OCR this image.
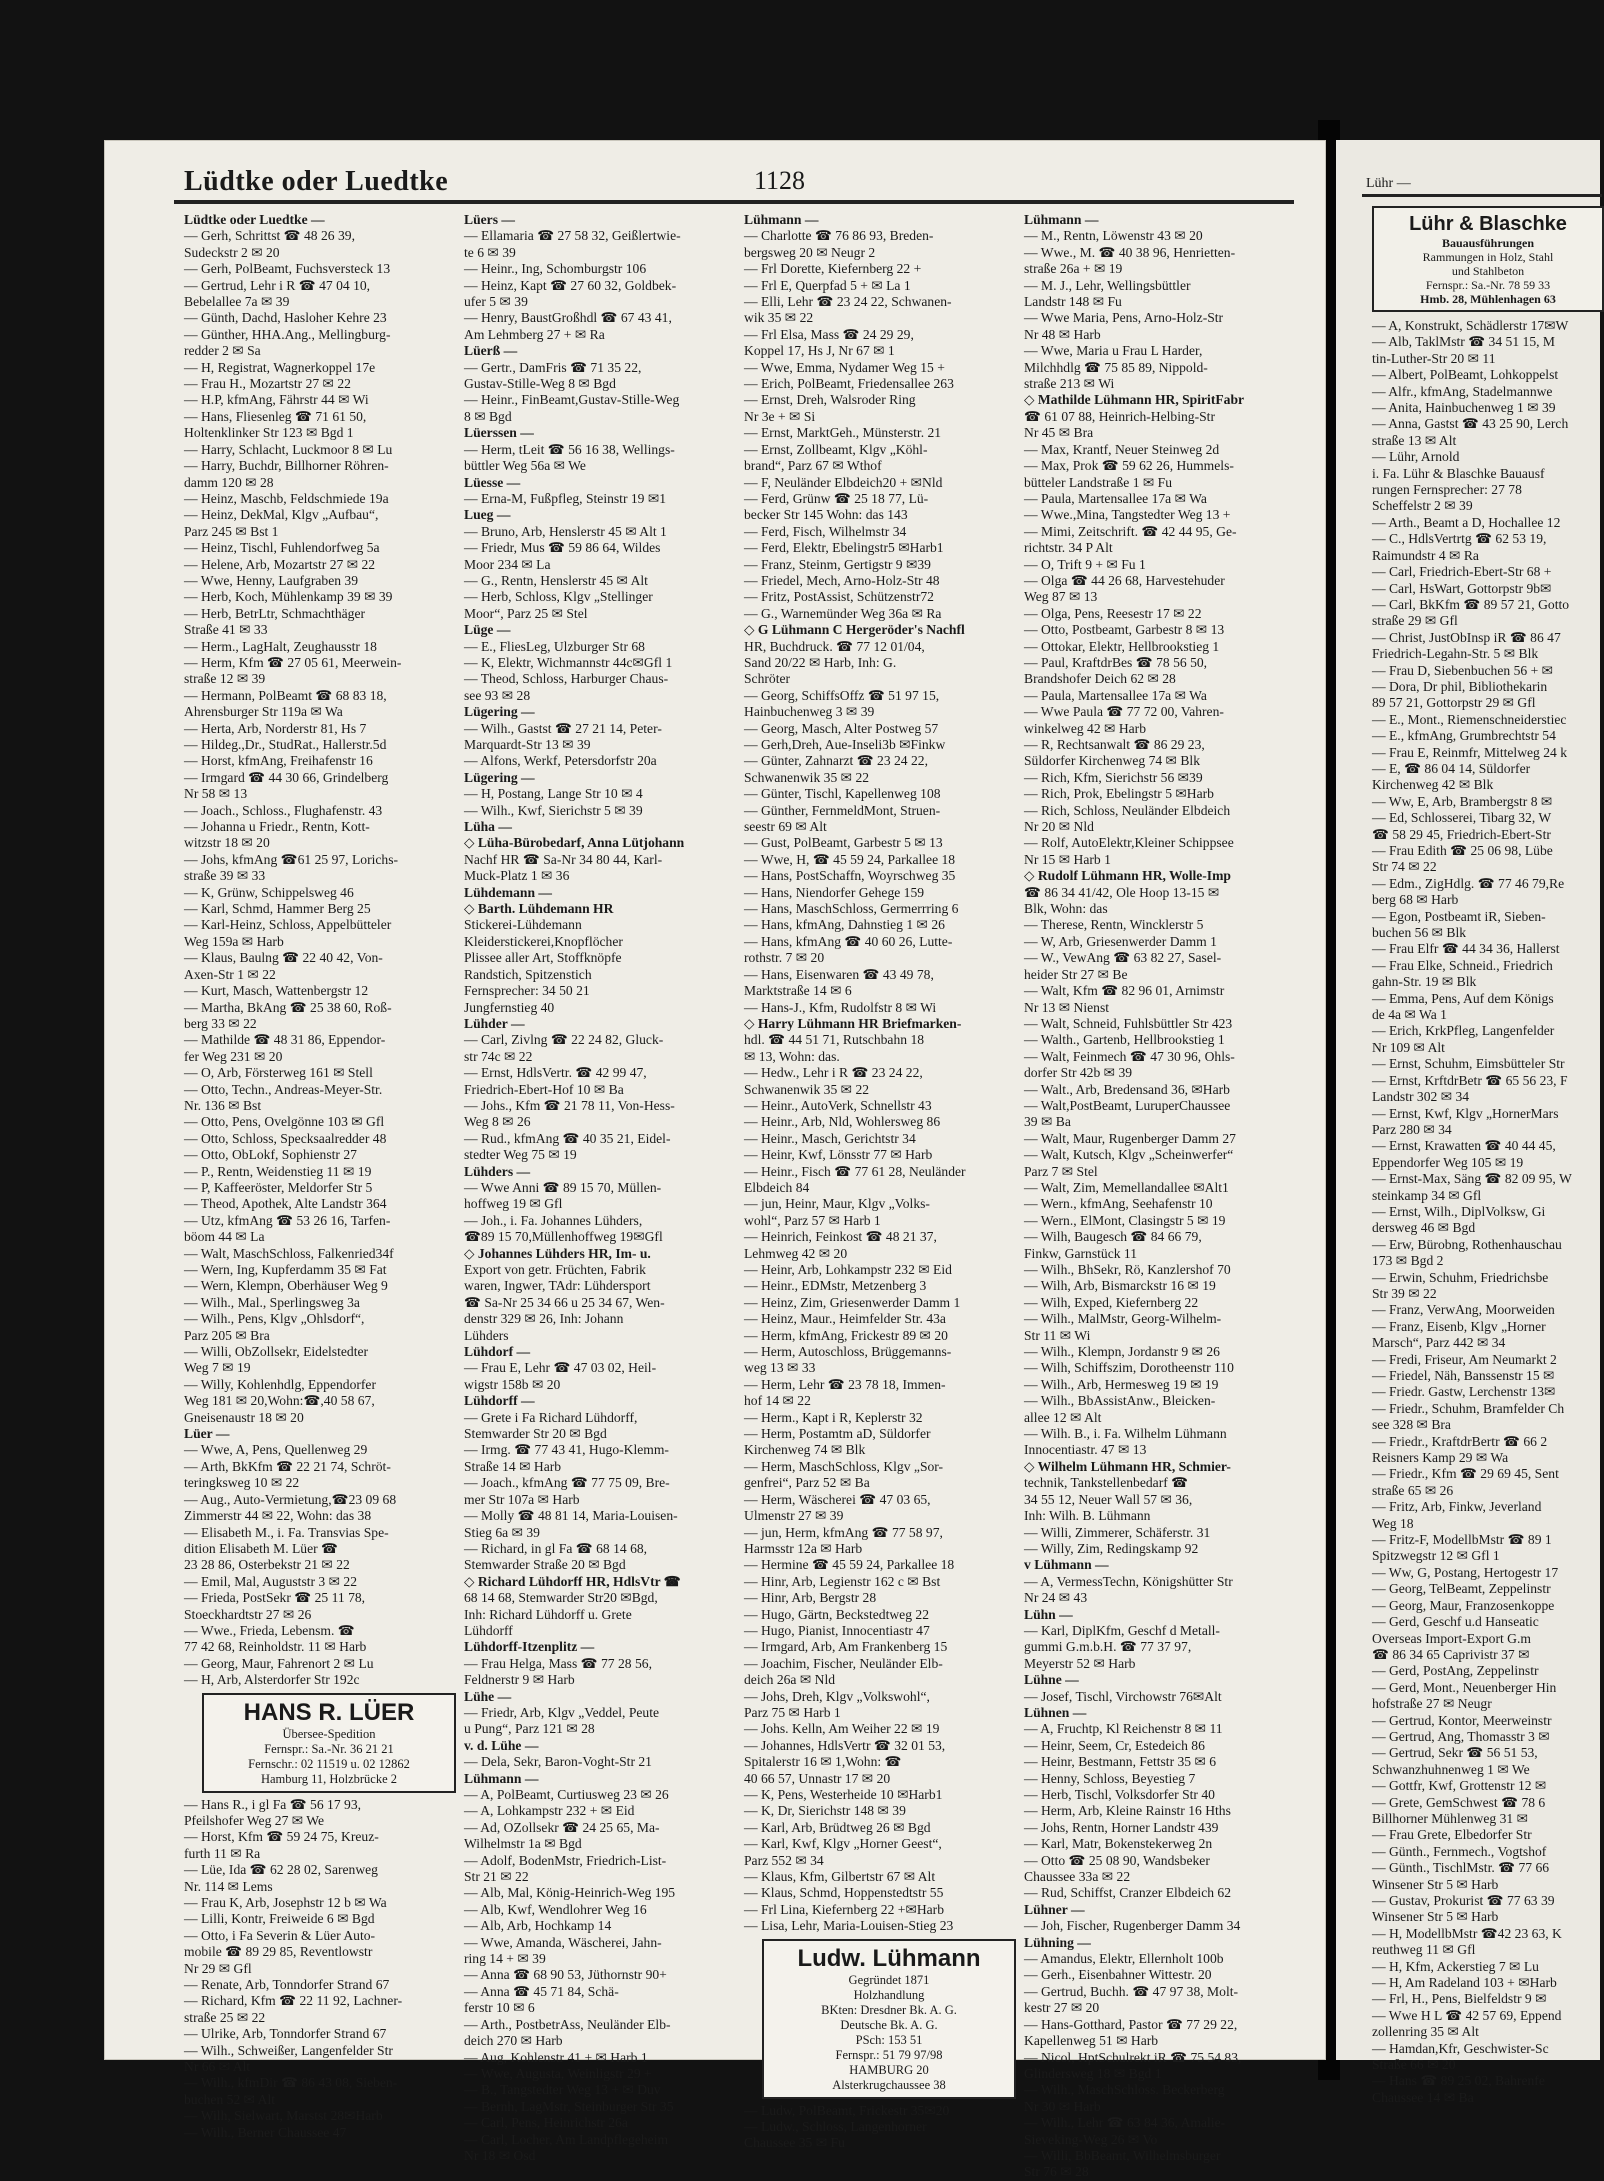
Lüdtke oder Luedtke	1128
Lüdtke oder Luedtke —
— Gerh, Schrittst ☎ 48 26 39,
Sudeckstr 2 ✉ 20
— Gerh, PolBeamt, Fuchsversteck 13
— Gertrud, Lehr i R ☎ 47 04 10,
Bebelallee 7a ✉ 39
— Günth, Dachd, Hasloher Kehre 23
— Günther, HHA.Ang., Mellingburg-
redder 2 ✉ Sa
— H, Registrat, Wagnerkoppel 17e
— Frau H., Mozartstr 27 ✉ 22
— H.P, kfmAng, Fährstr 44 ✉ Wi
— Hans, Fliesenleg ☎ 71 61 50,
Holtenklinker Str 123 ✉ Bgd 1
— Harry, Schlacht, Luckmoor 8 ✉ Lu
— Harry, Buchdr, Billhorner Röhren-
damm 120 ✉ 28
— Heinz, Maschb, Feldschmiede 19a
— Heinz, DekMal, Klgv „Aufbau“,
Parz 245 ✉ Bst 1
— Heinz, Tischl, Fuhlendorfweg 5a
— Helene, Arb, Mozartstr 27 ✉ 22
— Wwe, Henny, Laufgraben 39
— Herb, Koch, Mühlenkamp 39 ✉ 39
— Herb, BetrLtr, Schmachthäger
Straße 41 ✉ 33
— Herm., LagHalt, Zeughausstr 18
— Herm, Kfm ☎ 27 05 61, Meerwein-
straße 12 ✉ 39
— Hermann, PolBeamt ☎ 68 83 18,
Ahrensburger Str 119a ✉ Wa
— Herta, Arb, Norderstr 81, Hs 7
— Hildeg.,Dr., StudRat., Hallerstr.5d
— Horst, kfmAng, Freihafenstr 16
— Irmgard ☎ 44 30 66, Grindelberg
Nr 58 ✉ 13
— Joach., Schloss., Flughafenstr. 43
— Johanna u Friedr., Rentn, Kott-
witzstr 18 ✉ 20
— Johs, kfmAng ☎61 25 97, Lorichs-
straße 39 ✉ 33
— K, Grünw, Schippelsweg 46
— Karl, Schmd, Hammer Berg 25
— Karl-Heinz, Schloss, Appelbütteler
Weg 159a ✉ Harb
— Klaus, Baulng ☎ 22 40 42, Von-
Axen-Str 1 ✉ 22
— Kurt, Masch, Wattenbergstr 12
— Martha, BkAng ☎ 25 38 60, Roß-
berg 33 ✉ 22
— Mathilde ☎ 48 31 86, Eppendor-
fer Weg 231 ✉ 20
— O, Arb, Försterweg 161 ✉ Stell
— Otto, Techn., Andreas-Meyer-Str.
Nr. 136 ✉ Bst
— Otto, Pens, Ovelgönne 103 ✉ Gfl
— Otto, Schloss, Specksaalredder 48
— Otto, ObLokf, Sophienstr 27
— P., Rentn, Weidenstieg 11 ✉ 19
— P, Kaffeeröster, Meldorfer Str 5
— Theod, Apothek, Alte Landstr 364
— Utz, kfmAng ☎ 53 26 16, Tarfen-
böom 44 ✉ La
— Walt, MaschSchloss, Falkenried34f
— Wern, Ing, Kupferdamm 35 ✉ Fat
— Wern, Klempn, Oberhäuser Weg 9
— Wilh., Mal., Sperlingsweg 3a
— Wilh., Pens, Klgv „Ohlsdorf“,
Parz 205 ✉ Bra
— Willi, ObZollsekr, Eidelstedter
Weg 7 ✉ 19
— Willy, Kohlenhdlg, Eppendorfer
Weg 181 ✉ 20,Wohn:☎,40 58 67,
Gneisenaustr 18 ✉ 20
Lüer —
— Wwe, A, Pens, Quellenweg 29
— Arth, BkKfm ☎ 22 21 74, Schröt-
teringksweg 10 ✉ 22
— Aug., Auto-Vermietung,☎23 09 68
Zimmerstr 44 ✉ 22, Wohn: das 38
— Elisabeth M., i. Fa. Transvias Spe-
dition Elisabeth M. Lüer ☎
23 28 86, Osterbekstr 21 ✉ 22
— Emil, Mal, Auguststr 3 ✉ 22
— Frieda, PostSekr ☎ 25 11 78,
Stoeckhardtstr 27 ✉ 26
— Wwe., Frieda, Lebensm. ☎
77 42 68, Reinholdstr. 11 ✉ Harb
— Georg, Maur, Fahrenort 2 ✉ Lu
— H, Arb, Alsterdorfer Str 192c
HANS R. LÜER
Übersee-Spedition
Fernspr.: Sa.-Nr. 36 21 21
Fernschr.: 02 11519 u. 02 12862
Hamburg 11, Holzbrücke 2
— Hans R., i gl Fa ☎ 56 17 93,
Pfeilshofer Weg 27 ✉ We
— Horst, Kfm ☎ 59 24 75, Kreuz-
furth 11 ✉ Ra
— Lüe, Ida ☎ 62 28 02, Sarenweg
Nr. 114 ✉ Lems
— Frau K, Arb, Josephstr 12 b ✉ Wa
— Lilli, Kontr, Freiweide 6 ✉ Bgd
— Otto, i Fa Severin & Lüer Auto-
mobile ☎ 89 29 85, Reventlowstr
Nr 29 ✉ Gfl
— Renate, Arb, Tonndorfer Strand 67
— Richard, Kfm ☎ 22 11 92, Lachner-
straße 25 ✉ 22
— Ulrike, Arb, Tonndorfer Strand 67
— Wilh., Schweißer, Langenfelder Str
Nr 66 ✉ Alt
— Wilh., kfmDir ☎ 86 43 08, Sieben-
buchen 52 ✉ Alt
— Wilh, Sielwart, Marstst 28✉Harb
— Wilh., Berner Chaussee 47
Lüers —
— Ellamaria ☎ 27 58 32, Geißlertwie-
te 6 ✉ 39
— Heinr., Ing, Schomburgstr 106
— Heinz, Kapt ☎ 27 60 32, Goldbek-
ufer 5 ✉ 39
— Henry, BaustGroßhdl ☎ 67 43 41,
Am Lehmberg 27 + ✉ Ra
Lüerß —
— Gertr., DamFris ☎ 71 35 22,
Gustav-Stille-Weg 8 ✉ Bgd
— Heinr., FinBeamt,Gustav-Stille-Weg
8 ✉ Bgd
Lüerssen —
— Herm, tLeit ☎ 56 16 38, Wellings-
büttler Weg 56a ✉ We
Lüesse —
— Erna-M, Fußpfleg, Steinstr 19 ✉1
Lueg —
— Bruno, Arb, Henslerstr 45 ✉ Alt 1
— Friedr, Mus ☎ 59 86 64, Wildes
Moor 234 ✉ La
— G., Rentn, Henslerstr 45 ✉ Alt
— Herb, Schloss, Klgv „Stellinger
Moor“, Parz 25 ✉ Stel
Lüge —
— E., FliesLeg, Ulzburger Str 68
— K, Elektr, Wichmannstr 44c✉Gfl 1
— Theod, Schloss, Harburger Chaus-
see 93 ✉ 28
Lügering —
— Wilh., Gastst ☎ 27 21 14, Peter-
Marquardt-Str 13 ✉ 39
— Alfons, Werkf, Petersdorfstr 20a
Lügering —
— H, Postang, Lange Str 10 ✉ 4
— Wilh., Kwf, Sierichstr 5 ✉ 39
Lüha —
◇ Lüha-Bürobedarf, Anna Lütjohann
Nachf HR ☎ Sa-Nr 34 80 44, Karl-
Muck-Platz 1 ✉ 36
Lühdemann —
◇ Barth. Lühdemann HR
Stickerei-Lühdemann
Kleiderstickerei,Knopflöcher
Plissee aller Art, Stoffknöpfe
Randstich, Spitzenstich
Fernsprecher: 34 50 21
Jungfernstieg 40
Lühder —
— Carl, Zivlng ☎ 22 24 82, Gluck-
str 74c ✉ 22
— Ernst, HdlsVertr. ☎ 42 99 47,
Friedrich-Ebert-Hof 10 ✉ Ba
— Johs., Kfm ☎ 21 78 11, Von-Hess-
Weg 8 ✉ 26
— Rud., kfmAng ☎ 40 35 21, Eidel-
stedter Weg 75 ✉ 19
Lühders —
— Wwe Anni ☎ 89 15 70, Müllen-
hoffweg 19 ✉ Gfl
— Joh., i. Fa. Johannes Lühders,
☎89 15 70,Müllenhoffweg 19✉Gfl
◇ Johannes Lühders HR, Im- u.
Export von getr. Früchten, Fabrik
waren, Ingwer, TAdr: Lühdersport
☎ Sa-Nr 25 34 66 u 25 34 67, Wen-
denstr 329 ✉ 26, Inh: Johann
Lühders
Lühdorf —
— Frau E, Lehr ☎ 47 03 02, Heil-
wigstr 158b ✉ 20
Lühdorff —
— Grete i Fa Richard Lühdorff,
Stemwarder Str 20 ✉ Bgd
— Irmg. ☎ 77 43 41, Hugo-Klemm-
Straße 14 ✉ Harb
— Joach., kfmAng ☎ 77 75 09, Bre-
mer Str 107a ✉ Harb
— Molly ☎ 48 81 14, Maria-Louisen-
Stieg 6a ✉ 39
— Richard, in gl Fa ☎ 68 14 68,
Stemwarder Straße 20 ✉ Bgd
◇ Richard Lühdorff HR, HdlsVtr ☎
68 14 68, Stemwarder Str20 ✉Bgd,
Inh: Richard Lühdorff u. Grete
Lühdorff
Lühdorff-Itzenplitz —
— Frau Helga, Mass ☎ 77 28 56,
Feldnerstr 9 ✉ Harb
Lühe —
— Friedr, Arb, Klgv „Veddel, Peute
u Pung“, Parz 121 ✉ 28
v. d. Lühe —
— Dela, Sekr, Baron-Voght-Str 21
Lühmann —
— A, PolBeamt, Curtiusweg 23 ✉ 26
— A, Lohkampstr 232 + ✉ Eid
— Ad, OZollsekr ☎ 24 25 65, Ma-
Wilhelmstr 1a ✉ Bgd
— Adolf, BodenMstr, Friedrich-List-
Str 21 ✉ 22
— Alb, Mal, König-Heinrich-Weg 195
— Alb, Kwf, Wendlohrer Weg 16
— Alb, Arb, Hochkamp 14
— Wwe, Amanda, Wäscherei, Jahn-
ring 14 + ✉ 39
— Anna ☎ 68 90 53, Jüthornstr 90+
— Anna ☎ 45 71 84, Schä-
ferstr 10 ✉ 6
— Arth., PostbetrAss, Neuländer Elb-
deich 270 ✉ Harb
— Aug, Kohlenstr 41 + ✉ Harb 1
— Wwe, Augusta, Weinligstr 29 +
— B., Tangstedter Weg 13 + ✉ Duv
— Bernh, LagMstr, Steinburger Str 35
— Carl, Pens, Heinrichstr 26a
— Carl, Locher, Am Landpflegeheim
Nr 18 ✉ Osd
Lühmann —
— Charlotte ☎ 76 86 93, Breden-
bergsweg 20 ✉ Neugr 2
— Frl Dorette, Kiefernberg 22 +
— Frl E, Querpfad 5 + ✉ La 1
— Elli, Lehr ☎ 23 24 22, Schwanen-
wik 35 ✉ 22
— Frl Elsa, Mass ☎ 24 29 29,
Koppel 17, Hs J, Nr 67 ✉ 1
— Wwe, Emma, Nydamer Weg 15 +
— Erich, PolBeamt, Friedensallee 263
— Ernst, Dreh, Walsroder Ring
Nr 3e + ✉ Si
— Ernst, MarktGeh., Münsterstr. 21
— Ernst, Zollbeamt, Klgv „Köhl-
brand“, Parz 67 ✉ Wthof
— F, Neuländer Elbdeich20 + ✉Nld
— Ferd, Grünw ☎ 25 18 77, Lü-
becker Str 145 Wohn: das 143
— Ferd, Fisch, Wilhelmstr 34
— Ferd, Elektr, Ebelingstr5 ✉Harb1
— Franz, Steinm, Gertigstr 9 ✉39
— Friedel, Mech, Arno-Holz-Str 48
— Fritz, PostAssist, Schützenstr72
— G., Warnemünder Weg 36a ✉ Ra
◇ G Lühmann C Hergeröder's Nachfl
HR, Buchdruck. ☎ 77 12 01/04,
Sand 20/22 ✉ Harb, Inh: G.
Schröter
— Georg, SchiffsOffz ☎ 51 97 15,
Hainbuchenweg 3 ✉ 39
— Georg, Masch, Alter Postweg 57
— Gerh,Dreh, Aue-Inseli3b ✉Finkw
— Günter, Zahnarzt ☎ 23 24 22,
Schwanenwik 35 ✉ 22
— Günter, Tischl, Kapellenweg 108
— Günther, FernmeldMont, Struen-
seestr 69 ✉ Alt
— Gust, PolBeamt, Garbestr 5 ✉ 13
— Wwe, H, ☎ 45 59 24, Parkallee 18
— Hans, PostSchaffn, Woyrschweg 35
— Hans, Niendorfer Gehege 159
— Hans, MaschSchloss, Germerrring 6
— Hans, kfmAng, Dahnstieg 1 ✉ 26
— Hans, kfmAng ☎ 40 60 26, Lutte-
rothstr. 7 ✉ 20
— Hans, Eisenwaren ☎ 43 49 78,
Marktstraße 14 ✉ 6
— Hans-J., Kfm, Rudolfstr 8 ✉ Wi
◇ Harry Lühmann HR Briefmarken-
hdl. ☎ 44 51 71, Rutschbahn 18
✉ 13, Wohn: das.
— Hedw., Lehr i R ☎ 23 24 22,
Schwanenwik 35 ✉ 22
— Heinr., AutoVerk, Schnellstr 43
— Heinr., Arb, Nld, Wohlersweg 86
— Heinr., Masch, Gerichtstr 34
— Heinr, Kwf, Lönsstr 77 ✉ Harb
— Heinr., Fisch ☎ 77 61 28, Neuländer
Elbdeich 84
— jun, Heinr, Maur, Klgv „Volks-
wohl“, Parz 57 ✉ Harb 1
— Heinrich, Feinkost ☎ 48 21 37,
Lehmweg 42 ✉ 20
— Heinr, Arb, Lohkampstr 232 ✉ Eid
— Heinr., EDMstr, Metzenberg 3
— Heinz, Zim, Griesenwerder Damm 1
— Heinz, Maur., Heimfelder Str. 43a
— Herm, kfmAng, Frickestr 89 ✉ 20
— Herm, Autoschloss, Brüggemanns-
weg 13 ✉ 33
— Herm, Lehr ☎ 23 78 18, Immen-
hof 14 ✉ 22
— Herm., Kapt i R, Keplerstr 32
— Herm, Postamtm aD, Süldorfer
Kirchenweg 74 ✉ Blk
— Herm, MaschSchloss, Klgv „Sor-
genfrei“, Parz 52 ✉ Ba
— Herm, Wäscherei ☎ 47 03 65,
Ulmenstr 27 ✉ 39
— jun, Herm, kfmAng ☎ 77 58 97,
Harmsstr 12a ✉ Harb
— Hermine ☎ 45 59 24, Parkallee 18
— Hinr, Arb, Legienstr 162 c ✉ Bst
— Hinr, Arb, Bergstr 28
— Hugo, Gärtn, Beckstedtweg 22
— Hugo, Pianist, Innocentiastr 47
— Irmgard, Arb, Am Frankenberg 15
— Joachim, Fischer, Neuländer Elb-
deich 26a ✉ Nld
— Johs, Dreh, Klgv „Volkswohl“,
Parz 75 ✉ Harb 1
— Johs. Kelln, Am Weiher 22 ✉ 19
— Johannes, HdlsVertr ☎ 32 01 53,
Spitalerstr 16 ✉ 1,Wohn: ☎
40 66 57, Unnastr 17 ✉ 20
— K, Pens, Westerheide 10 ✉Harb1
— K, Dr, Sierichstr 148 ✉ 39
— Karl, Arb, Brüdtweg 26 ✉ Bgd
— Karl, Kwf, Klgv „Horner Geest“,
Parz 552 ✉ 34
— Klaus, Kfm, Gilbertstr 67 ✉ Alt
— Klaus, Schmd, Hoppenstedtstr 55
— Frl Lina, Kiefernberg 22 +✉Harb
— Lisa, Lehr, Maria-Louisen-Stieg 23
Ludw. Lühmann
Gegründet 1871
Holzhandlung
BKten: Dresdner Bk. A. G.
Deutsche Bk. A. G.
PSch: 153 51
Fernspr.: 51 79 97/98
HAMBURG 20
Alsterkrugchaussee 38
— Ludw, PolBeamt, Frickestr 35✉20
— Ludw., Schloss, Langenhorner
Chaussee 35 ✉ Fu
Lühmann —
— M., Rentn, Löwenstr 43 ✉ 20
— Wwe., M. ☎ 40 38 96, Henrietten-
straße 26a + ✉ 19
— M. J., Lehr, Wellingsbüttler
Landstr 148 ✉ Fu
— Wwe Maria, Pens, Arno-Holz-Str
Nr 48 ✉ Harb
— Wwe, Maria u Frau L Harder,
Milchhdlg ☎ 75 85 89, Nippold-
straße 213 ✉ Wi
◇ Mathilde Lühmann HR, SpiritFabr
☎ 61 07 88, Heinrich-Helbing-Str
Nr 45 ✉ Bra
— Max, Krantf, Neuer Steinweg 2d
— Max, Prok ☎ 59 62 26, Hummels-
bütteler Landstraße 1 ✉ Fu
— Paula, Martensallee 17a ✉ Wa
— Wwe.,Mina, Tangstedter Weg 13 +
— Mimi, Zeitschrift. ☎ 42 44 95, Ge-
richtstr. 34 P Alt
— O, Trift 9 + ✉ Fu 1
— Olga ☎ 44 26 68, Harvestehuder
Weg 87 ✉ 13
— Olga, Pens, Reesestr 17 ✉ 22
— Otto, Postbeamt, Garbestr 8 ✉ 13
— Ottokar, Elektr, Hellbrookstieg 1
— Paul, KraftdrBes ☎ 78 56 50,
Brandshofer Deich 62 ✉ 28
— Paula, Martensallee 17a ✉ Wa
— Wwe Paula ☎ 77 72 00, Vahren-
winkelweg 42 ✉ Harb
— R, Rechtsanwalt ☎ 86 29 23,
Süldorfer Kirchenweg 74 ✉ Blk
— Rich, Kfm, Sierichstr 56 ✉39
— Rich, Prok, Ebelingstr 5 ✉Harb
— Rich, Schloss, Neuländer Elbdeich
Nr 20 ✉ Nld
— Rolf, AutoElektr,Kleiner Schippsee
Nr 15 ✉ Harb 1
◇ Rudolf Lühmann HR, Wolle-Imp
☎ 86 34 41/42, Ole Hoop 13-15 ✉
Blk, Wohn: das
— Therese, Rentn, Wincklerstr 5
— W, Arb, Griesenwerder Damm 1
— W., VewAng ☎ 63 82 27, Sasel-
heider Str 27 ✉ Be
— Walt, Kfm ☎ 82 96 01, Arnimstr
Nr 13 ✉ Nienst
— Walt, Schneid, Fuhlsbüttler Str 423
— Walth., Gartenb, Hellbrookstieg 1
— Walt, Feinmech ☎ 47 30 96, Ohls-
dorfer Str 42b ✉ 39
— Walt., Arb, Bredensand 36, ✉Harb
— Walt,PostBeamt, LuruperChaussee
39 ✉ Ba
— Walt, Maur, Rugenberger Damm 27
— Walt, Kutsch, Klgv „Scheinwerfer“
Parz 7 ✉ Stel
— Walt, Zim, Memellandallee ✉Alt1
— Wern., kfmAng, Seehafenstr 10
— Wern., ElMont, Clasingstr 5 ✉ 19
— Wilh, Baugesch ☎ 84 66 79,
Finkw, Garnstück 11
— Wilh., BhSekr, Rö, Kanzlershof 70
— Wilh, Arb, Bismarckstr 16 ✉ 19
— Wilh, Exped, Kiefernberg 22
— Wilh., MalMstr, Georg-Wilhelm-
Str 11 ✉ Wi
— Wilh., Klempn, Jordanstr 9 ✉ 26
— Wilh, Schiffszim, Dorotheenstr 110
— Wilh., Arb, Hermesweg 19 ✉ 19
— Wilh., BbAssistAnw., Bleicken-
allee 12 ✉ Alt
— Wilh. B., i. Fa. Wilhelm Lühmann
Innocentiastr. 47 ✉ 13
◇ Wilhelm Lühmann HR, Schmier-
technik, Tankstellenbedarf ☎
34 55 12, Neuer Wall 57 ✉ 36,
Inh: Wilh. B. Lühmann
— Willi, Zimmerer, Schäferstr. 31
— Willy, Zim, Redingskamp 92
v Lühmann —
— A, VermessTechn, Königshütter Str
Nr 24 ✉ 43
Lühn —
— Karl, DiplKfm, Geschf d Metall-
gummi G.m.b.H. ☎ 77 37 97,
Meyerstr 52 ✉ Harb
Lühne —
— Josef, Tischl, Virchowstr 76✉Alt
Lühnen —
— A, Fruchtp, Kl Reichenstr 8 ✉ 11
— Heinr, Seem, Cr, Estedeich 86
— Heinr, Bestmann, Fettstr 35 ✉ 6
— Henny, Schloss, Beyestieg 7
— Herb, Tischl, Volksdorfer Str 40
— Herm, Arb, Kleine Rainstr 16 Hths
— Johs, Rentn, Horner Landstr 439
— Karl, Matr, Bokenstekerweg 2n
— Otto ☎ 25 08 90, Wandsbeker
Chaussee 33a ✉ 22
— Rud, Schiffst, Cranzer Elbdeich 62
Lühner —
— Joh, Fischer, Rugenberger Damm 34
Lühning —
— Amandus, Elektr, Ellernholt 100b
— Gerh., Eisenbahner Wittestr. 20
— Gertrud, Buchh. ☎ 47 97 38, Molt-
kestr 27 ✉ 20
— Hans-Gotthard, Pastor ☎ 77 29 22,
Kapellenweg 51 ✉ Harb
— Nicol, HptSchulrekt iR ☎ 75 54 83,
Glindersweg 18 ✉ Bgd 1
— Wilh., MaschSchloss. Beckerberg
Nr 30 ✉ Harb
— Wilh., Lehr ☎ 63 84 36, Amalie-
Sieveking-Weg 26 ✉ Vo
— Willi, BbBeamt, Wilhelmsburger
Str 76 ✉ 28
Lühr —
Lühr & Blaschke
Bauausführungen
Rammungen in Holz, Stahl
und Stahlbeton
Fernspr.: Sa.-Nr. 78 59 33
Hmb. 28, Mühlenhagen 63
— A, Konstrukt, Schädlerstr 17✉W
— Alb, TaklMstr ☎ 34 51 15, M
tin-Luther-Str 20 ✉ 11
— Albert, PolBeamt, Lohkoppelst
— Alfr., kfmAng, Stadelmannwe
— Anita, Hainbuchenweg 1 ✉ 39
— Anna, Gastst ☎ 43 25 90, Lerch
straße 13 ✉ Alt
— Lühr, Arnold
i. Fa. Lühr & Blaschke Bauausf
rungen Fernsprecher: 27 78
Scheffelstr 2 ✉ 39
— Arth., Beamt a D, Hochallee 12
— C., HdlsVertrtg ☎ 62 53 19,
Raimundstr 4 ✉ Ra
— Carl, Friedrich-Ebert-Str 68 +
— Carl, HsWart, Gottorpstr 9b✉
— Carl, BkKfm ☎ 89 57 21, Gotto
straße 29 ✉ Gfl
— Christ, JustObInsp iR ☎ 86 47
Friedrich-Legahn-Str. 5 ✉ Blk
— Frau D, Siebenbuchen 56 + ✉
— Dora, Dr phil, Bibliothekarin
89 57 21, Gottorpstr 29 ✉ Gfl
— E., Mont., Riemenschneiderstiec
— E., kfmAng, Grumbrechtstr 54
— Frau E, Reinmfr, Mittelweg 24 k
— E, ☎ 86 04 14, Süldorfer
Kirchenweg 42 ✉ Blk
— Ww, E, Arb, Brambergstr 8 ✉
— Ed, Schlosserei, Tibarg 32, W
☎ 58 29 45, Friedrich-Ebert-Str
— Frau Edith ☎ 25 06 98, Lübe
Str 74 ✉ 22
— Edm., ZigHdlg. ☎ 77 46 79,Re
berg 68 ✉ Harb
— Egon, Postbeamt iR, Sieben-
buchen 56 ✉ Blk
— Frau Elfr ☎ 44 34 36, Hallerst
— Frau Elke, Schneid., Friedrich
gahn-Str. 19 ✉ Blk
— Emma, Pens, Auf dem Königs
de 4a ✉ Wa 1
— Erich, KrkPfleg, Langenfelder
Nr 109 ✉ Alt
— Ernst, Schuhm, Eimsbütteler Str
— Ernst, KrftdrBetr ☎ 65 56 23, F
Landstr 302 ✉ 34
— Ernst, Kwf, Klgv „HornerMars
Parz 280 ✉ 34
— Ernst, Krawatten ☎ 40 44 45,
Eppendorfer Weg 105 ✉ 19
— Ernst-Max, Säng ☎ 82 09 95, W
steinkamp 34 ✉ Gfl
— Ernst, Wilh., DiplVolksw, Gi
dersweg 46 ✉ Bgd
— Erw, Bürobng, Rothenhauschau
173 ✉ Bgd 2
— Erwin, Schuhm, Friedrichsbe
Str 39 ✉ 22
— Franz, VerwAng, Moorweiden
— Franz, Eisenb, Klgv „Horner
Marsch“, Parz 442 ✉ 34
— Fredi, Friseur, Am Neumarkt 2
— Friedel, Näh, Banssenstr 15 ✉
— Friedr. Gastw, Lerchenstr 13✉
— Friedr., Schuhm, Bramfelder Ch
see 328 ✉ Bra
— Friedr., KraftdrBertr ☎ 66 2
Reisners Kamp 29 ✉ Wa
— Friedr., Kfm ☎ 29 69 45, Sent
straße 65 ✉ 26
— Fritz, Arb, Finkw, Jeverland
Weg 18
— Fritz-F, ModellbMstr ☎ 89 1
Spitzwegstr 12 ✉ Gfl 1
— Ww, G, Postang, Hertogestr 17
— Georg, TelBeamt, Zeppelinstr
— Georg, Maur, Franzosenkoppe
— Gerd, Geschf u.d Hanseatic
Overseas Import-Export G.m
☎ 86 34 65 Caprivistr 37 ✉
— Gerd, PostAng, Zeppelinstr
— Gerd, Mont., Neuenberger Hin
hofstraße 27 ✉ Neugr
— Gertrud, Kontor, Meerweinstr
— Gertrud, Ang, Thomasstr 3 ✉
— Gertrud, Sekr ☎ 56 51 53,
Schwanzhuhnenweg 1 ✉ We
— Gottfr, Kwf, Grottenstr 12 ✉
— Grete, GemSchwest ☎ 78 6
Billhorner Mühlenweg 31 ✉
— Frau Grete, Elbedorfer Str
— Günth., Fernmech., Vogtshof
— Günth., TischlMstr. ☎ 77 66
Winsener Str 5 ✉ Harb
— Gustav, Prokurist ☎ 77 63 39
Winsener Str 5 ✉ Harb
— H, ModellbMstr ☎42 23 63, K
reuthweg 11 ✉ Gfl
— H, Kfm, Ackerstieg 7 ✉ Lu
— H, Am Radeland 103 + ✉Harb
— Frl, H., Pens, Bielfeldstr 9 ✉
— Wwe H L ☎ 42 57 69, Eppend
zollenring 35 ✉ Alt
— Hamdan,Kfr, Geschwister-Sc
Straße 66 ✉ 20
— Hans ☎ 89 25 02, Bahrenfe
Chaussee 14 ✉ Ba
